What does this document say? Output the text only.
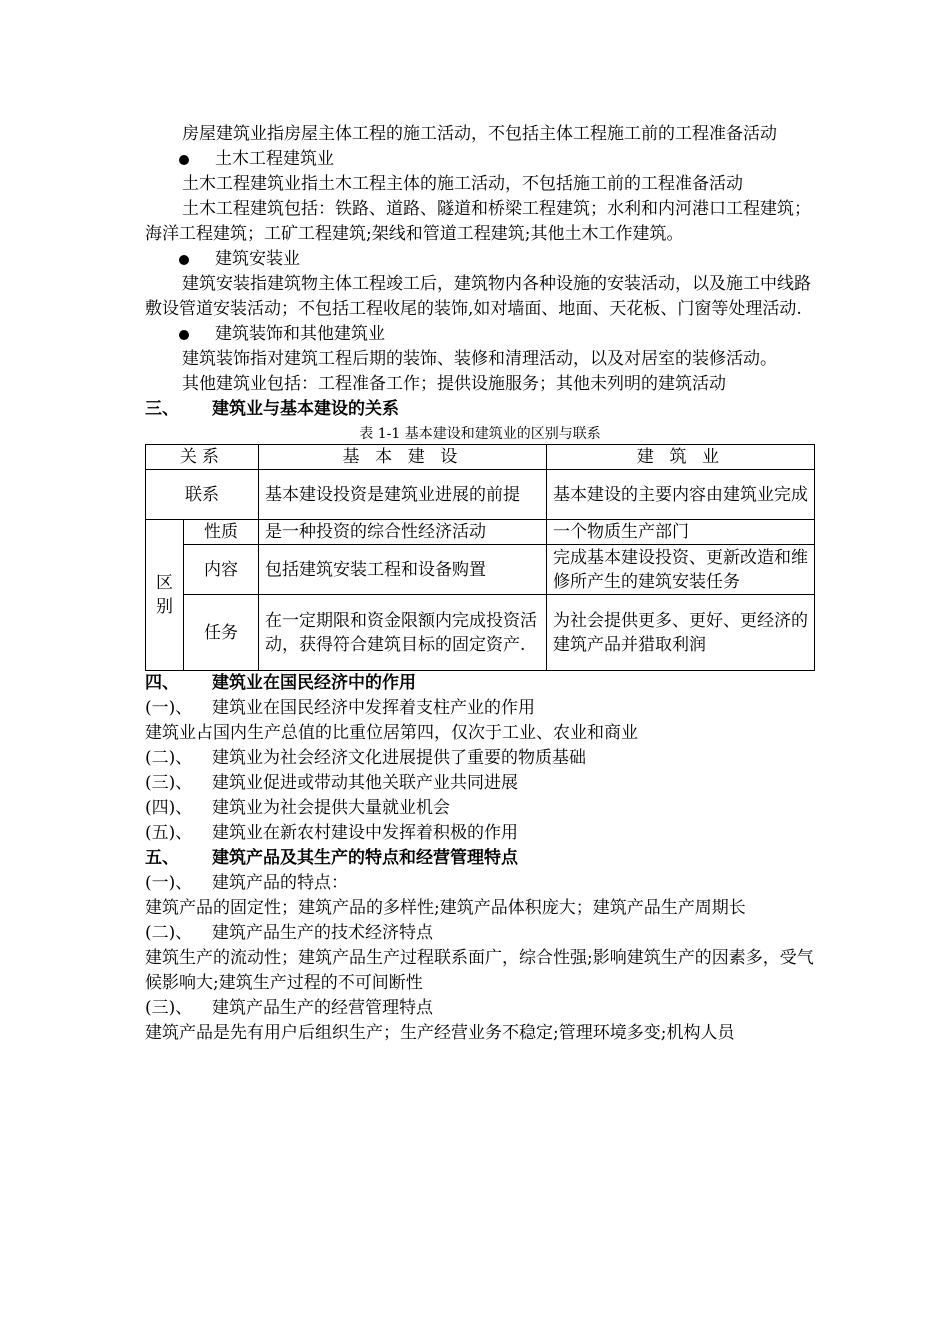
房屋建筑业指房屋主体工程的施工活动，不包括主体工程施工前的工程准备活动

土木工程建筑业

土木工程建筑业指土木工程主体的施工活动，不包括施工前的工程准备活动

土木工程建筑包括：铁路、道路、隧道和桥梁工程建筑；水利和内河港口工程建筑；海洋工程建筑；工矿工程建筑;架线和管道工程建筑;其他土木工作建筑。

建筑安装业

建筑安装指建筑物主体工程竣工后，建筑物内各种设施的安装活动，以及施工中线路敷设管道安装活动；不包括工程收尾的装饰,如对墙面、地面、天花板、门窗等处理活动.

建筑装饰和其他建筑业

建筑装饰指对建筑工程后期的装饰、装修和清理活动，以及对居室的装修活动。

其他建筑业包括：工程准备工作；提供设施服务；其他未列明的建筑活动

三、	建筑业与基本建设的关系

表 1-1 基本建设和建筑业的区别与联系

关系		基 本 建 设	建 筑 业
联系		基本建设投资是建筑业进展的前提	基本建设的主要内容由建筑业完成
区别	性质	是一种投资的综合性经济活动	一个物质生产部门
	内容	包括建筑安装工程和设备购置	完成基本建设投资、更新改造和维修所产生的建筑安装任务
	任务	在一定期限和资金限额内完成投资活动，获得符合建筑目标的固定资产.	为社会提供更多、更好、更经济的建筑产品并猎取利润

四、	建筑业在国民经济中的作用

(一)、	建筑业在国民经济中发挥着支柱产业的作用

建筑业占国内生产总值的比重位居第四，仅次于工业、农业和商业

(二)、	建筑业为社会经济文化进展提供了重要的物质基础

(三)、	建筑业促进或带动其他关联产业共同进展

(四)、	建筑业为社会提供大量就业机会

(五)、	建筑业在新农村建设中发挥着积极的作用

五、	建筑产品及其生产的特点和经营管理特点

(一)、	建筑产品的特点：

建筑产品的固定性；建筑产品的多样性;建筑产品体积庞大；建筑产品生产周期长

(二)、	建筑产品生产的技术经济特点

建筑生产的流动性；建筑产品生产过程联系面广，综合性强;影响建筑生产的因素多，受气候影响大;建筑生产过程的不可间断性

(三)、	建筑产品生产的经营管理特点

建筑产品是先有用户后组织生产；生产经营业务不稳定;管理环境多变;机构人员
